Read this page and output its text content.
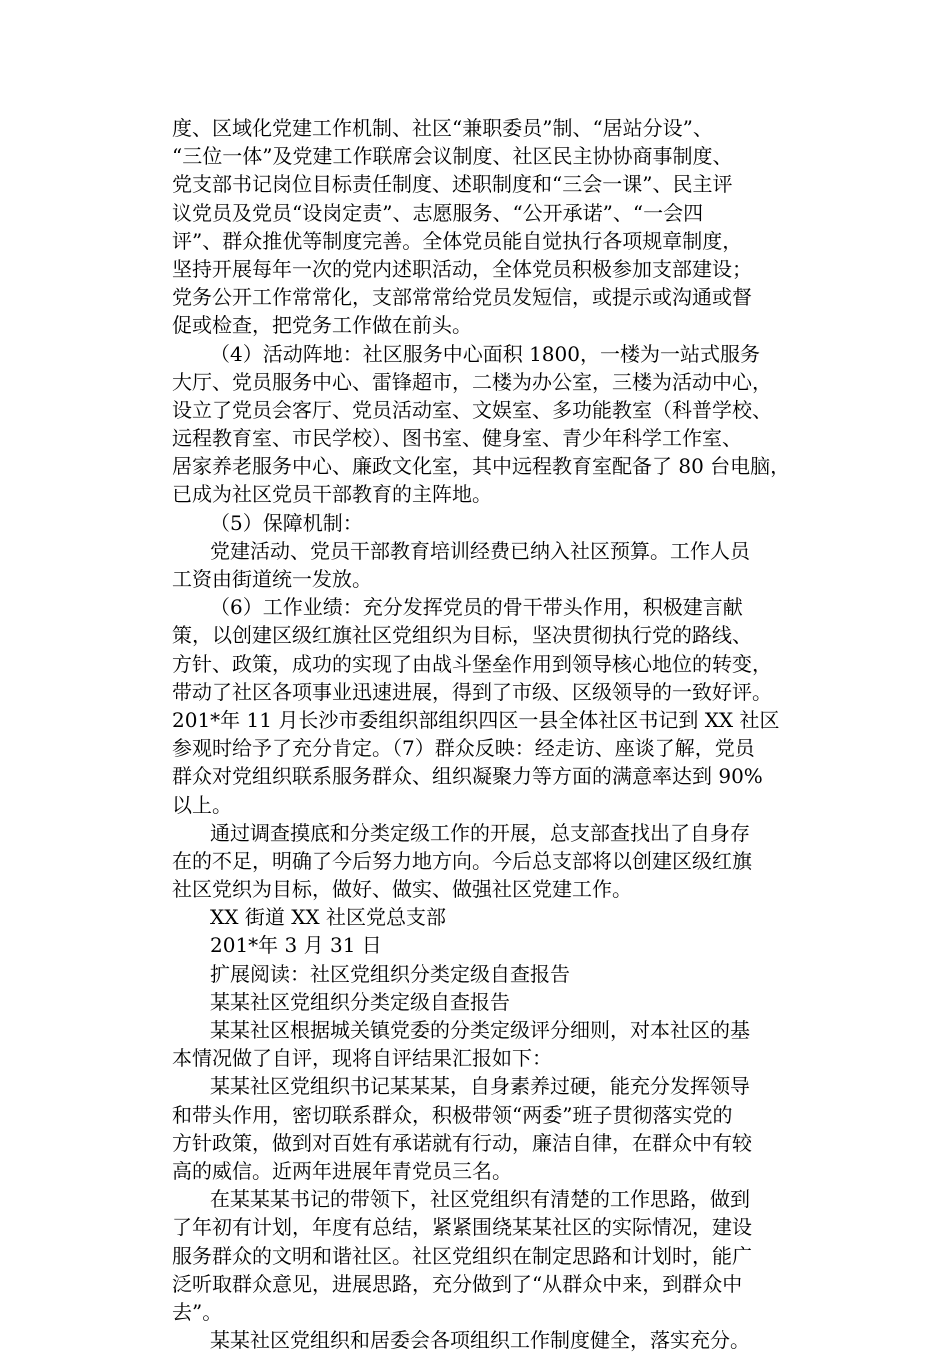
度、区域化党建工作机制、社区“兼职委员”制、“居站分设”、
“三位一体”及党建工作联席会议制度、社区民主协协商事制度、
党支部书记岗位目标责任制度、述职制度和“三会一课”、民主评
议党员及党员“设岗定责”、志愿服务、“公开承诺”、“一会四
评”、群众推优等制度完善。全体党员能自觉执行各项规章制度，
坚持开展每年一次的党内述职活动，全体党员积极参加支部建设；
党务公开工作常常化，支部常常给党员发短信，或提示或沟通或督
促或检查，把党务工作做在前头。
（4）活动阵地：社区服务中心面积 1800，一楼为一站式服务
大厅、党员服务中心、雷锋超市，二楼为办公室，三楼为活动中心，
设立了党员会客厅、党员活动室、文娱室、多功能教室（科普学校、
远程教育室、市民学校）、图书室、健身室、青少年科学工作室、
居家养老服务中心、廉政文化室，其中远程教育室配备了 80 台电脑，
已成为社区党员干部教育的主阵地。
（5）保障机制：
党建活动、党员干部教育培训经费已纳入社区预算。工作人员
工资由街道统一发放。
（6）工作业绩：充分发挥党员的骨干带头作用，积极建言献
策，以创建区级红旗社区党组织为目标，坚决贯彻执行党的路线、
方针、政策，成功的实现了由战斗堡垒作用到领导核心地位的转变，
带动了社区各项事业迅速进展，得到了市级、区级领导的一致好评。
201*年 11 月长沙市委组织部组织四区一县全体社区书记到 XX 社区
参观时给予了充分肯定。（7）群众反映：经走访、座谈了解，党员
群众对党组织联系服务群众、组织凝聚力等方面的满意率达到 90%
以上。
通过调查摸底和分类定级工作的开展，总支部查找出了自身存
在的不足，明确了今后努力地方向。今后总支部将以创建区级红旗
社区党织为目标，做好、做实、做强社区党建工作。
XX 街道 XX 社区党总支部
201*年 3 月 31 日
扩展阅读：社区党组织分类定级自查报告
某某社区党组织分类定级自查报告
某某社区根据城关镇党委的分类定级评分细则，对本社区的基
本情况做了自评，现将自评结果汇报如下：
某某社区党组织书记某某某，自身素养过硬，能充分发挥领导
和带头作用，密切联系群众，积极带领“两委”班子贯彻落实党的
方针政策，做到对百姓有承诺就有行动，廉洁自律，在群众中有较
高的威信。近两年进展年青党员三名。
在某某某书记的带领下，社区党组织有清楚的工作思路，做到
了年初有计划，年度有总结，紧紧围绕某某社区的实际情况，建设
服务群众的文明和谐社区。社区党组织在制定思路和计划时，能广
泛听取群众意见，进展思路，充分做到了“从群众中来，到群众中
去”。
某某社区党组织和居委会各项组织工作制度健全，落实充分。
